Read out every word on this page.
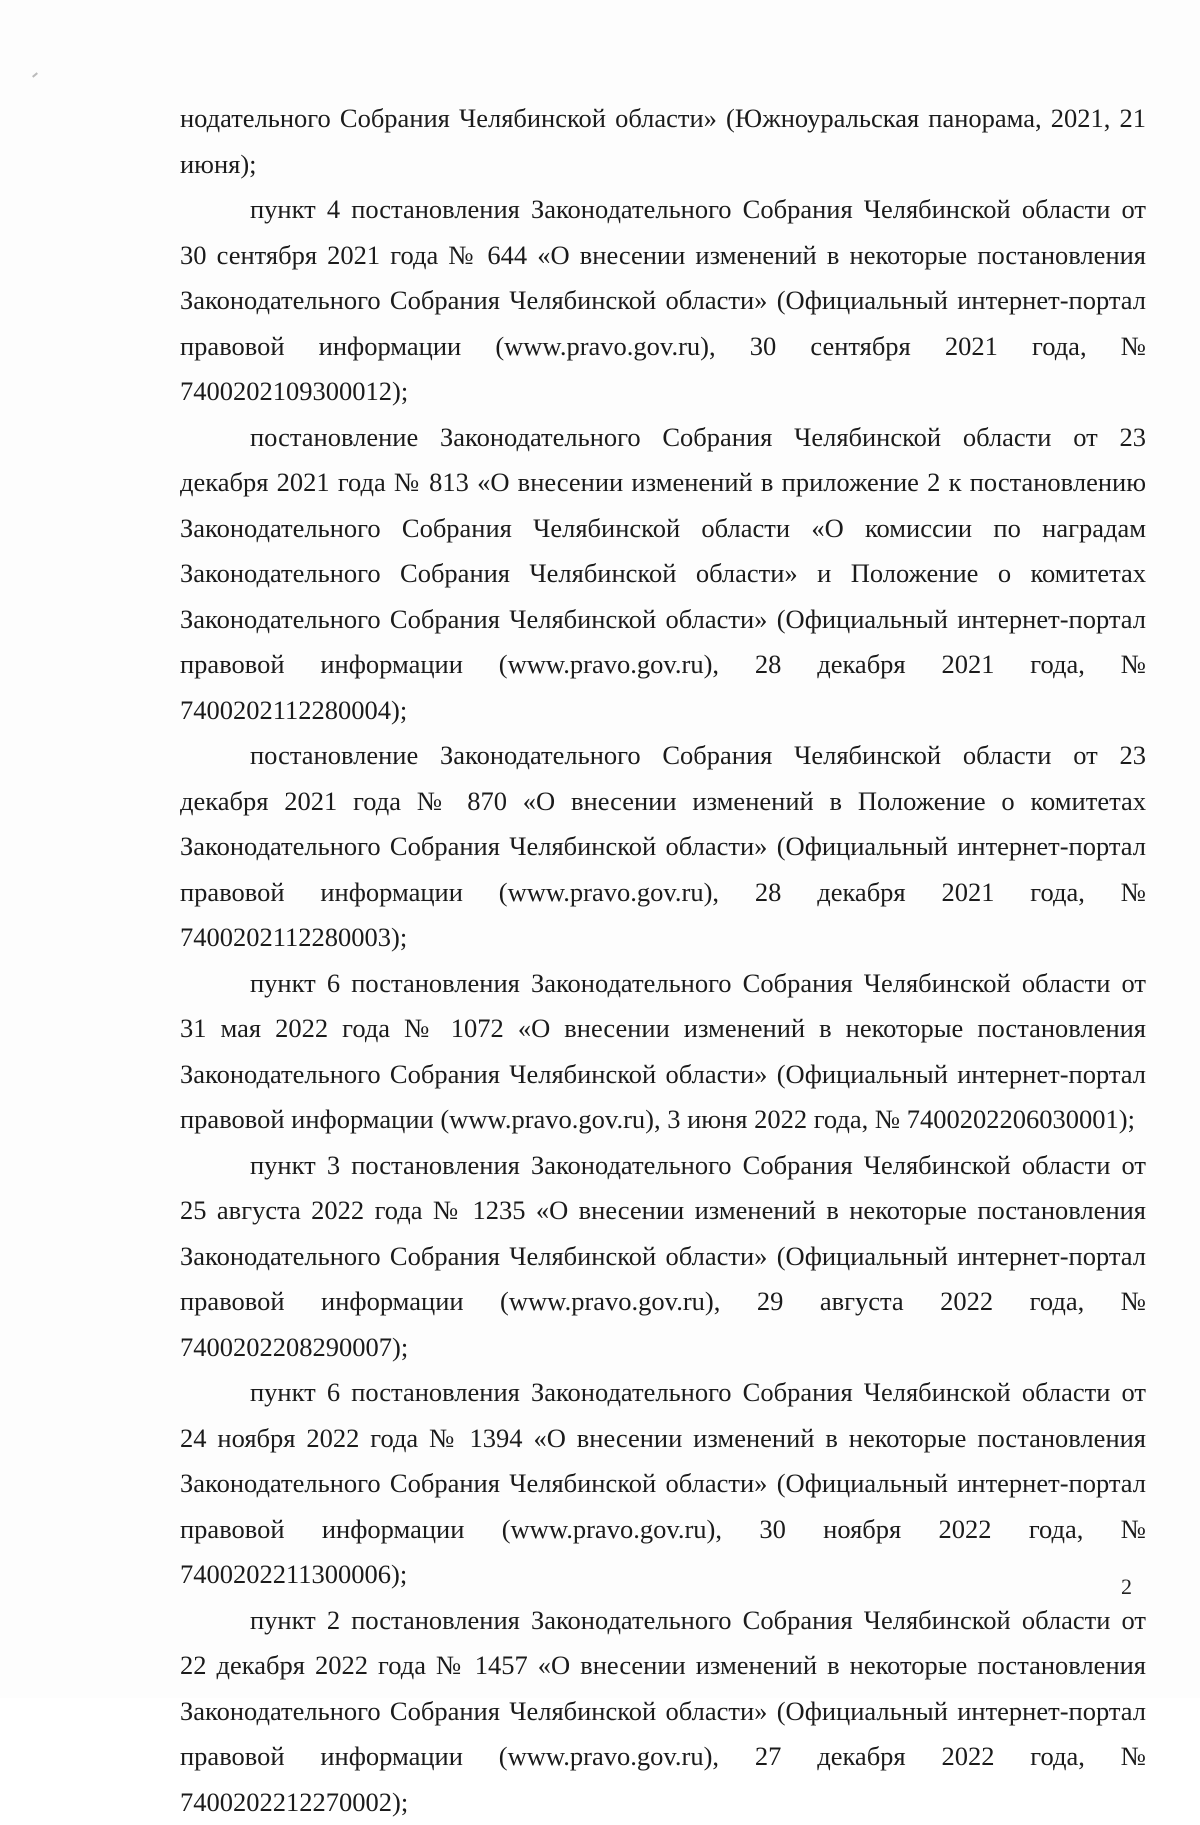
нодательного Собрания Челябинской области» (Южноуральская панорама, 2021, 21 июня);

пункт 4 постановления Законодательного Собрания Челябинской области от 30 сентября 2021 года № 644 «О внесении изменений в некоторые постановления Законодательного Собрания Челябинской области» (Официальный интернет-портал правовой информации (www.pravo.gov.ru), 30 сентября 2021 года, № 7400202109300012);

постановление Законодательного Собрания Челябинской области от 23 декабря 2021 года № 813 «О внесении изменений в приложение 2 к постановлению Законодательного Собрания Челябинской области «О комиссии по наградам Законодательного Собрания Челябинской области» и Положение о комитетах Законодательного Собрания Челябинской области» (Официальный интернет-портал правовой информации (www.pravo.gov.ru), 28 декабря 2021 года, № 7400202112280004);

постановление Законодательного Собрания Челябинской области от 23 декабря 2021 года № 870 «О внесении изменений в Положение о комитетах Законодательного Собрания Челябинской области» (Официальный интернет-портал правовой информации (www.pravo.gov.ru), 28 декабря 2021 года, № 7400202112280003);

пункт 6 постановления Законодательного Собрания Челябинской области от 31 мая 2022 года № 1072 «О внесении изменений в некоторые постановления Законодательного Собрания Челябинской области» (Официальный интернет-портал правовой информации (www.pravo.gov.ru), 3 июня 2022 года, № 7400202206030001);

пункт 3 постановления Законодательного Собрания Челябинской области от 25 августа 2022 года № 1235 «О внесении изменений в некоторые постановления Законодательного Собрания Челябинской области» (Официальный интернет-портал правовой информации (www.pravo.gov.ru), 29 августа 2022 года, № 7400202208290007);

пункт 6 постановления Законодательного Собрания Челябинской области от 24 ноября 2022 года № 1394 «О внесении изменений в некоторые постановления Законодательного Собрания Челябинской области» (Официальный интернет-портал правовой информации (www.pravo.gov.ru), 30 ноября 2022 года, № 7400202211300006);

пункт 2 постановления Законодательного Собрания Челябинской области от 22 декабря 2022 года № 1457 «О внесении изменений в некоторые постановления Законодательного Собрания Челябинской области» (Официальный интернет-портал правовой информации (www.pravo.gov.ru), 27 декабря 2022 года, № 7400202212270002);

2
